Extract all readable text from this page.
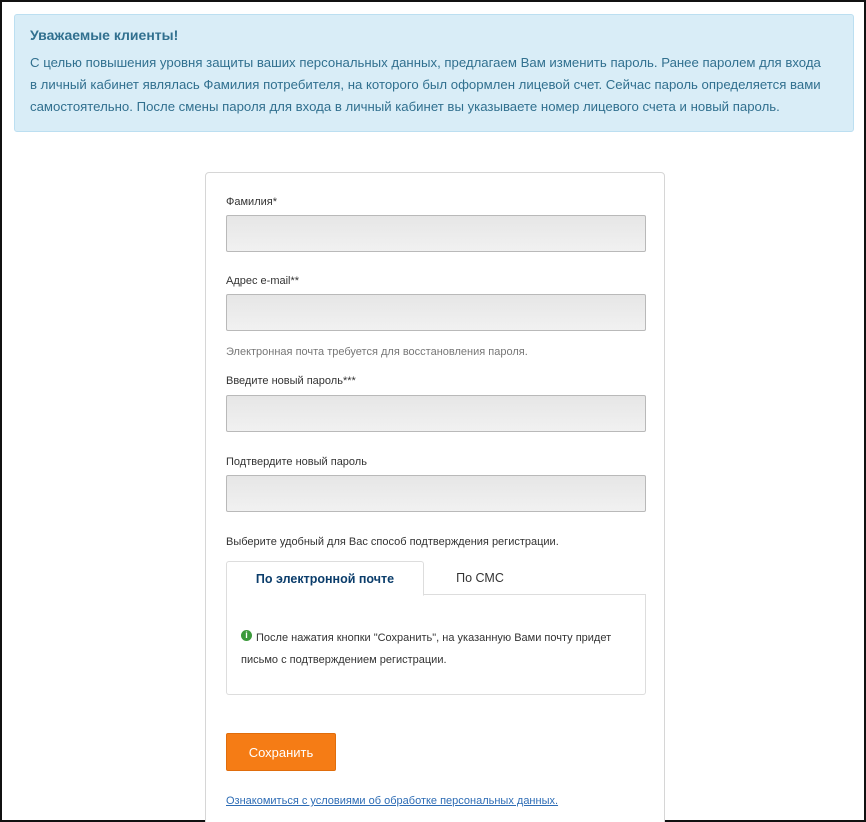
Уважаемые клиенты!
С целью повышения уровня защиты ваших персональных данных, предлагаем Вам изменить пароль. Ранее паролем для входа
в личный кабинет являлась Фамилия потребителя, на которого был оформлен лицевой счет. Сейчас пароль определяется вами
самостоятельно. После смены пароля для входа в личный кабинет вы указываете номер лицевого счета и новый пароль.
Фамилия*
Адрес e-mail**
Электронная почта требуется для восстановления пароля.
Введите новый пароль***
Подтвердите новый пароль
Выберите удобный для Вас способ подтверждения регистрации.
По электронной почте	По СМС
i После нажатия кнопки "Сохранить", на указанную Вами почту придет письмо с подтверждением регистрации.
Сохранить
Ознакомиться с условиями об обработке персональных данных.
